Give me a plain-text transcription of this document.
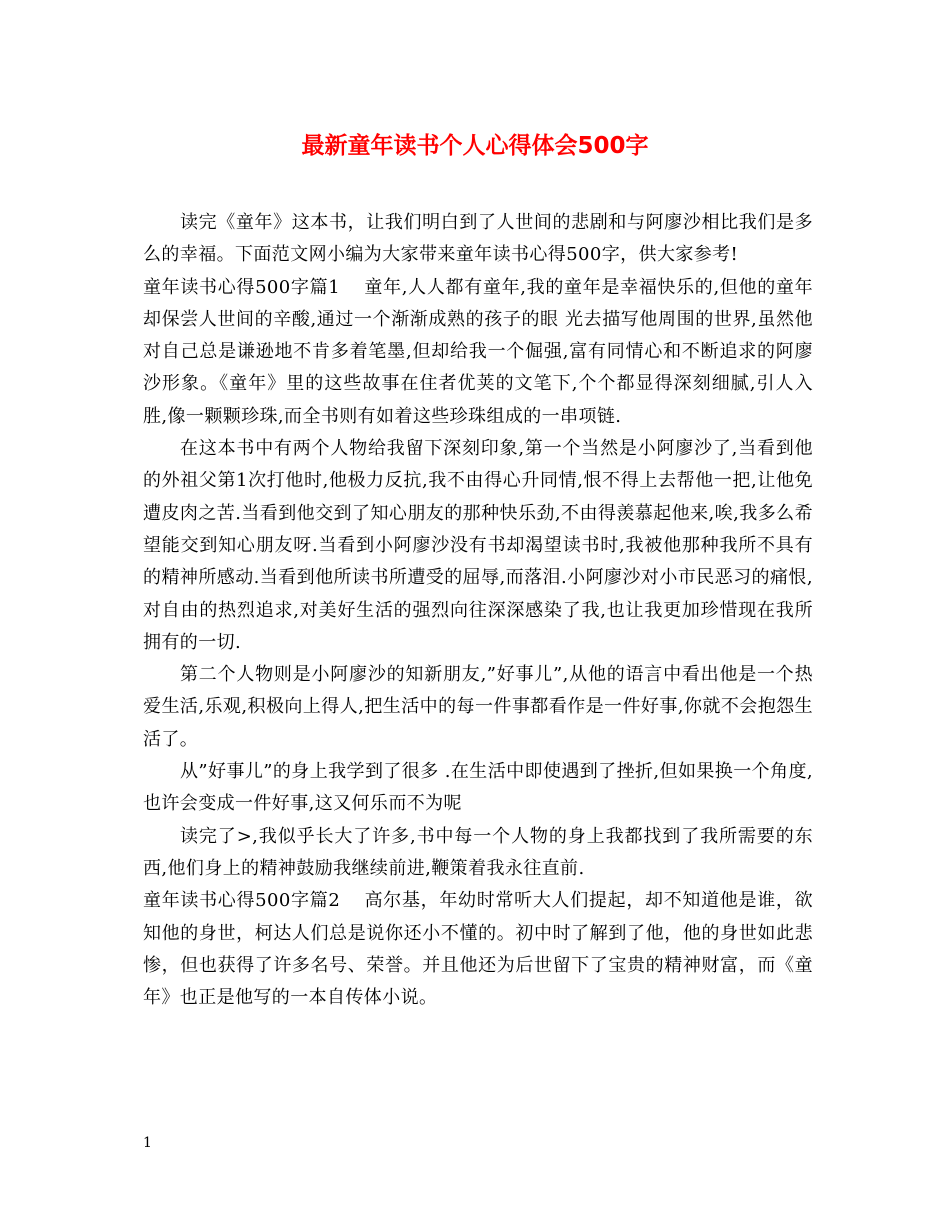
最新童年读书个人心得体会500字

读完《童年》这本书，让我们明白到了人世间的悲剧和与阿廖沙相比我们是多么的幸福。下面范文网小编为大家带来童年读书心得500字，供大家参考!

童年读书心得500字篇1 童年,人人都有童年,我的童年是幸福快乐的,但他的童年却保尝人世间的辛酸,通过一个渐渐成熟的孩子的眼 光去描写他周围的世界,虽然他对自己总是谦逊地不肯多着笔墨,但却给我一个倔强,富有同情心和不断追求的阿廖沙形象。《童年》里的这些故事在住者优荚的文笔下,个个都显得深刻细腻,引人入胜,像一颗颗珍珠,而全书则有如着这些珍珠组成的一串项链.

在这本书中有两个人物给我留下深刻印象,第一个当然是小阿廖沙了,当看到他的外祖父第1次打他时,他极力反抗,我不由得心升同情,恨不得上去帮他一把,让他免遭皮肉之苦.当看到他交到了知心朋友的那种快乐劲,不由得羡慕起他来,唉,我多么希望能交到知心朋友呀.当看到小阿廖沙没有书却渴望读书时,我被他那种我所不具有的精神所感动.当看到他所读书所遭受的屈辱,而落泪.小阿廖沙对小市民恶习的痛恨,对自由的热烈追求,对美好生活的强烈向往深深感染了我,也让我更加珍惜现在我所拥有的一切.

第二个人物则是小阿廖沙的知新朋友,”好事儿”,从他的语言中看出他是一个热爱生活,乐观,积极向上得人,把生活中的每一件事都看作是一件好事,你就不会抱怨生活了。

从”好事儿”的身上我学到了很多 .在生活中即使遇到了挫折,但如果换一个角度,也许会变成一件好事,这又何乐而不为呢

读完了>,我似乎长大了许多,书中每一个人物的身上我都找到了我所需要的东西,他们身上的精神鼓励我继续前进,鞭策着我永往直前.

童年读书心得500字篇2 高尔基，年幼时常听大人们提起，却不知道他是谁，欲知他的身世，柯达人们总是说你还小不懂的。初中时了解到了他，他的身世如此悲惨，但也获得了许多名号、荣誉。并且他还为后世留下了宝贵的精神财富，而《童年》也正是他写的一本自传体小说。

1
